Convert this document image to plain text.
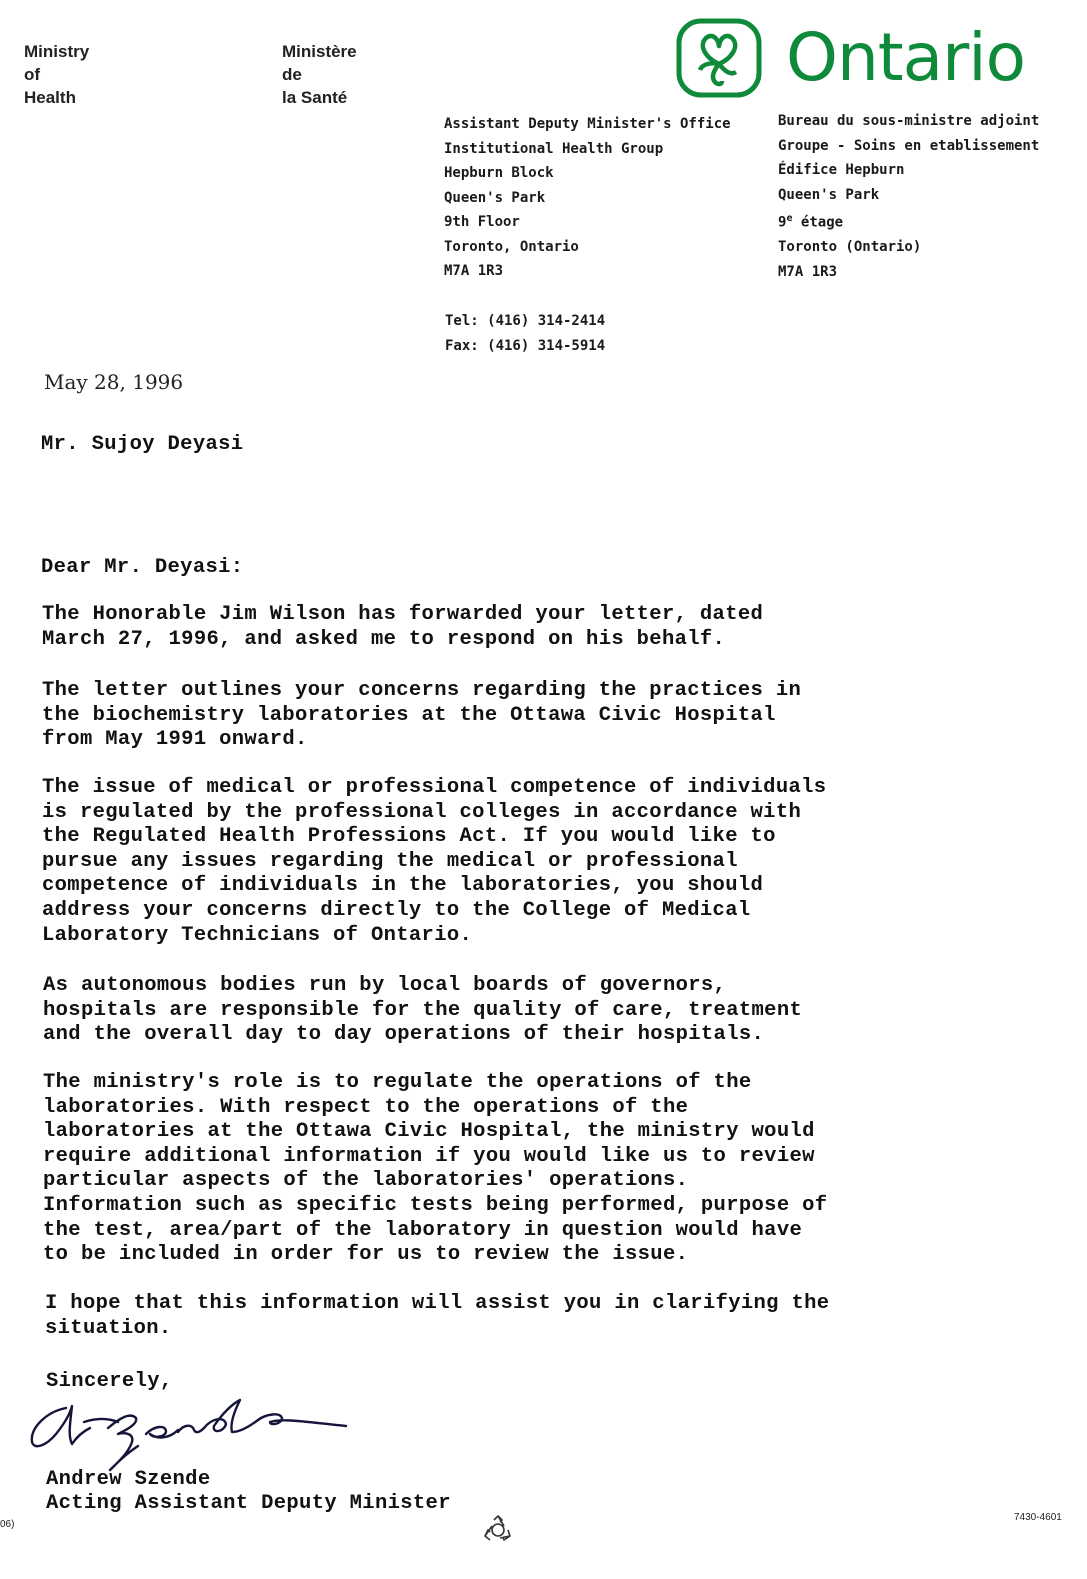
Ministry
of
Health
Ministère
de
la Santé
Ontario
Assistant Deputy Minister's Office
Institutional Health Group
Hepburn Block
Queen's Park
9th Floor
Toronto, Ontario
M7A 1R3
Bureau du sous-ministre adjoint
Groupe - Soins en etablissement
Édifice Hepburn
Queen's Park
9e étage
Toronto (Ontario)
M7A 1R3
Tel: (416) 314-2414
Fax: (416) 314-5914
May 28, 1996
Mr. Sujoy Deyasi
Dear Mr. Deyasi:
The Honorable Jim Wilson has forwarded your letter, dated
March 27, 1996, and asked me to respond on his behalf.
The letter outlines your concerns regarding the practices in
the biochemistry laboratories at the Ottawa Civic Hospital
from May 1991 onward.
The issue of medical or professional competence of individuals
is regulated by the professional colleges in accordance with
the Regulated Health Professions Act. If you would like to
pursue any issues regarding the medical or professional
competence of individuals in the laboratories, you should
address your concerns directly to the College of Medical
Laboratory Technicians of Ontario.
As autonomous bodies run by local boards of governors,
hospitals are responsible for the quality of care, treatment
and the overall day to day operations of their hospitals.
The ministry's role is to regulate the operations of the
laboratories. With respect to the operations of the
laboratories at the Ottawa Civic Hospital, the ministry would
require additional information if you would like us to review
particular aspects of the laboratories' operations.
Information such as specific tests being performed, purpose of
the test, area/part of the laboratory in question would have
to be included in order for us to review the issue.
I hope that this information will assist you in clarifying the
situation.
Sincerely,
Andrew Szende
Acting Assistant Deputy Minister
06)
7430-4601
